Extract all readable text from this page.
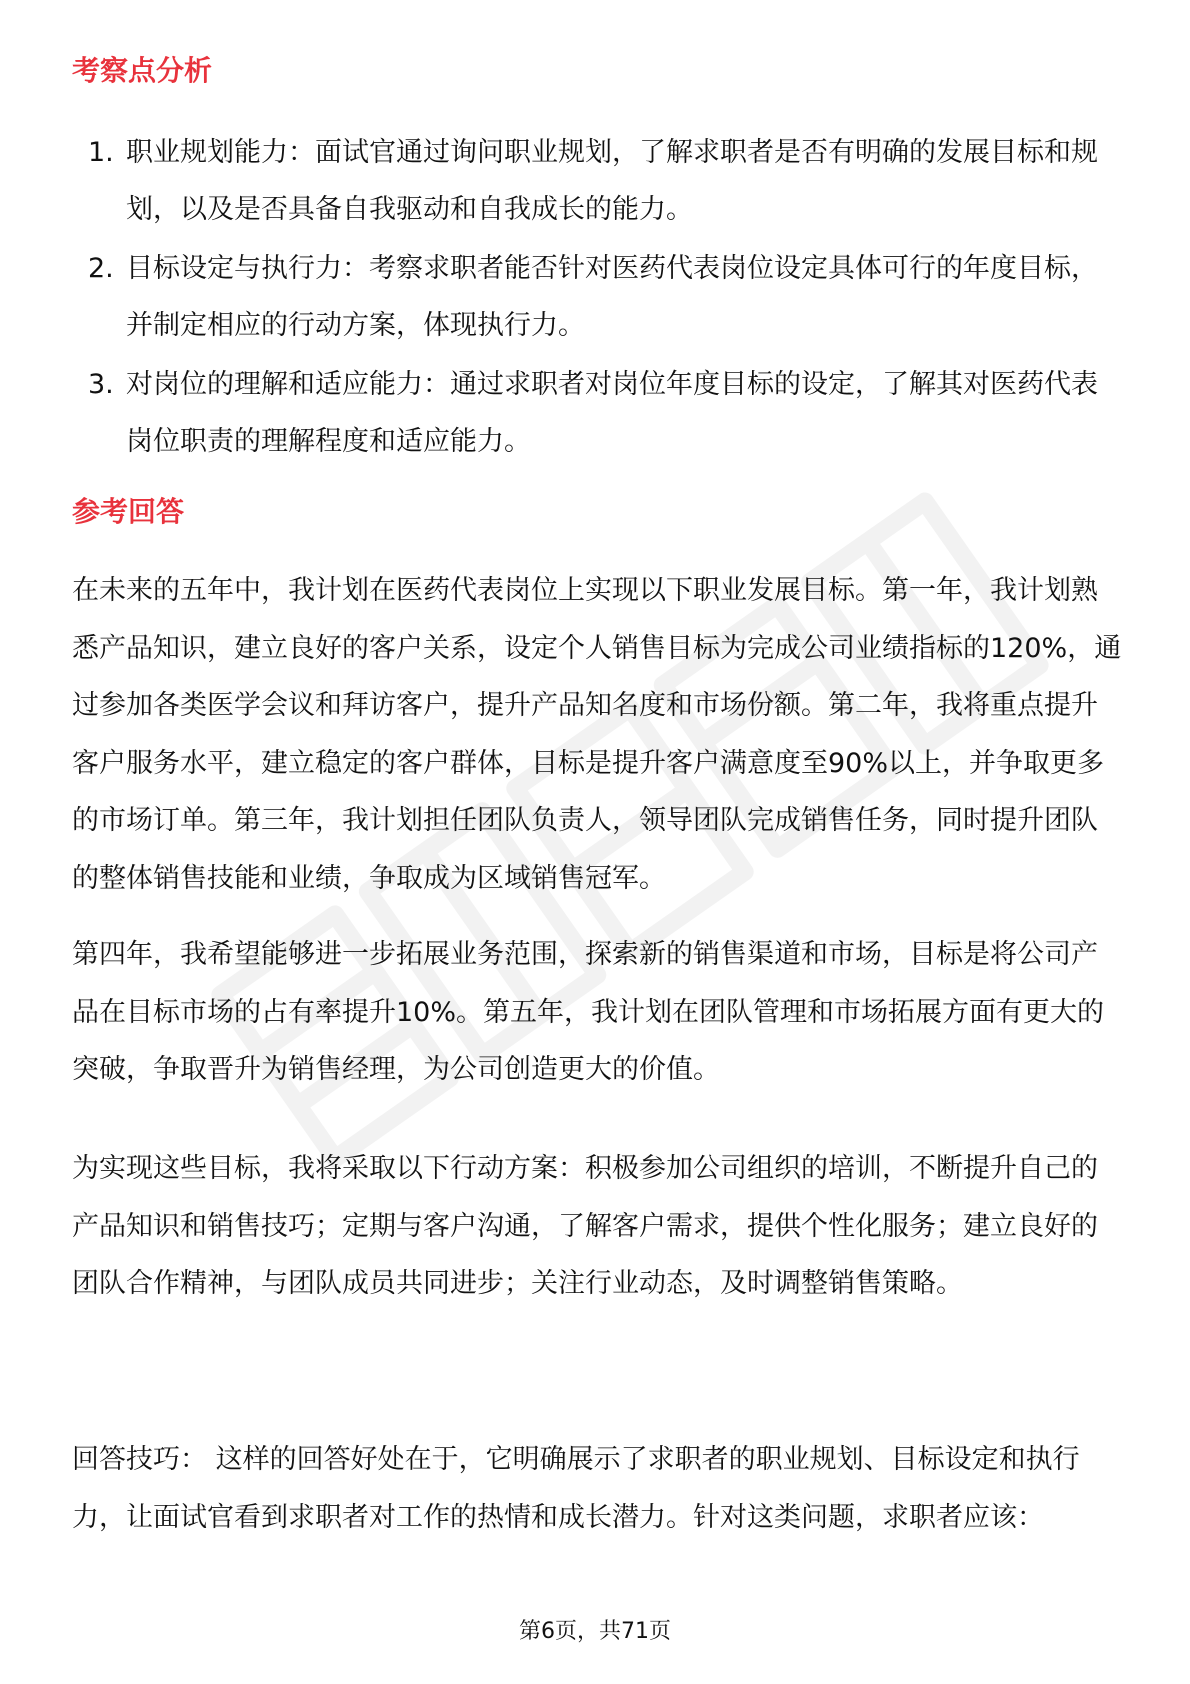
考察点分析
1. 职业规划能力：面试官通过询问职业规划，了解求职者是否有明确的发展目标和规划，以及是否具备自我驱动和自我成长的能力。
2. 目标设定与执行力：考察求职者能否针对医药代表岗位设定具体可行的年度目标，并制定相应的行动方案，体现执行力。
3. 对岗位的理解和适应能力：通过求职者对岗位年度目标的设定，了解其对医药代表岗位职责的理解程度和适应能力。
参考回答

在未来的五年中，我计划在医药代表岗位上实现以下职业发展目标。第一年，我计划熟悉产品知识，建立良好的客户关系，设定个人销售目标为完成公司业绩指标的120%，通过参加各类医学会议和拜访客户，提升产品知名度和市场份额。第二年，我将重点提升客户服务水平，建立稳定的客户群体，目标是提升客户满意度至90%以上，并争取更多的市场订单。第三年，我计划担任团队负责人，领导团队完成销售任务，同时提升团队的整体销售技能和业绩，争取成为区域销售冠军。

第四年，我希望能够进一步拓展业务范围，探索新的销售渠道和市场，目标是将公司产品在目标市场的占有率提升10%。第五年，我计划在团队管理和市场拓展方面有更大的突破，争取晋升为销售经理，为公司创造更大的价值。

为实现这些目标，我将采取以下行动方案：积极参加公司组织的培训，不断提升自己的产品知识和销售技巧；定期与客户沟通，了解客户需求，提供个性化服务；建立良好的团队合作精神，与团队成员共同进步；关注行业动态，及时调整销售策略。

回答技巧： 这样的回答好处在于，它明确展示了求职者的职业规划、目标设定和执行力，让面试官看到求职者对工作的热情和成长潜力。针对这类问题，求职者应该：

第6页，共71页
